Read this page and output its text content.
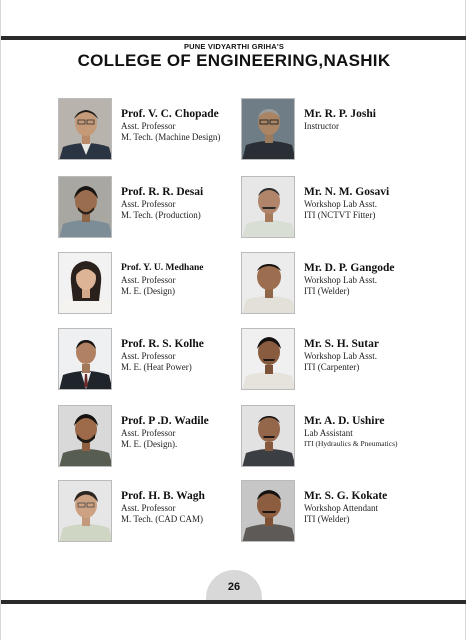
PUNE VIDYARTHI GRIHA'S
COLLEGE OF ENGINEERING,NASHIK
Prof. V. C. Chopade
Asst. Professor
M. Tech. (Machine Design)
Prof. R. R. Desai
Asst. Professor
M. Tech. (Production)
Prof. Y. U. Medhane
Asst. Professor
M. E. (Design)
Prof. R. S. Kolhe
Asst. Professor
M. E. (Heat Power)
Prof. P .D. Wadile
Asst. Professor
M. E. (Design).
Prof. H. B. Wagh
Asst. Professor
M. Tech. (CAD CAM)
Mr. R. P. Joshi
Instructor
Mr. N. M. Gosavi
Workshop Lab Asst.
ITI (NCTVT Fitter)
Mr. D. P. Gangode
Workshop Lab Asst.
ITI (Welder)
Mr. S. H. Sutar
Workshop Lab Asst.
ITI (Carpenter)
Mr. A. D. Ushire
Lab Assistant
ITI (Hydraulics & Pneumatics)
Mr. S. G. Kokate
Workshop Attendant
ITI (Welder)
26
